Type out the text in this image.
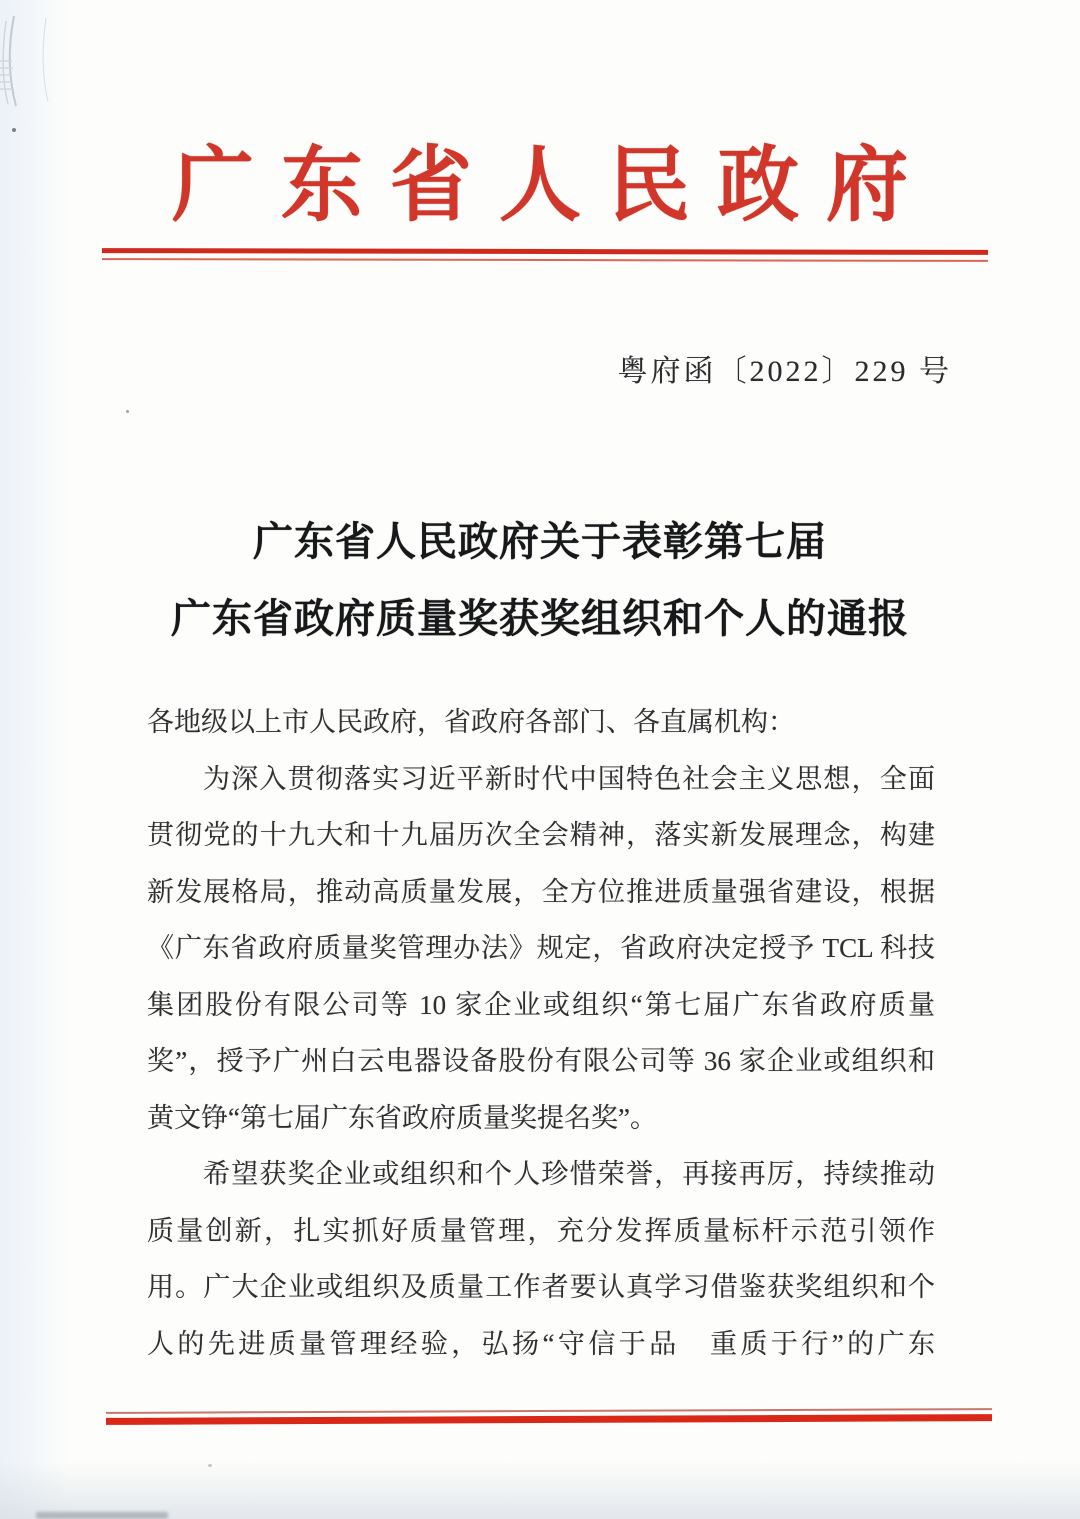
广东省人民政府
粤府函〔2022〕229 号
广东省人民政府关于表彰第七届
广东省政府质量奖获奖组织和个人的通报
各地级以上市人民政府，省政府各部门、各直属机构：
为深入贯彻落实习近平新时代中国特色社会主义思想，全面
贯彻党的十九大和十九届历次全会精神，落实新发展理念，构建
新发展格局，推动高质量发展，全方位推进质量强省建设，根据
《广东省政府质量奖管理办法》规定，省政府决定授予 TCL 科技
集团股份有限公司等 10 家企业或组织“第七届广东省政府质量
奖”，授予广州白云电器设备股份有限公司等 36 家企业或组织和
黄文铮“第七届广东省政府质量奖提名奖”。
希望获奖企业或组织和个人珍惜荣誉，再接再厉，持续推动
质量创新，扎实抓好质量管理，充分发挥质量标杆示范引领作
用。广大企业或组织及质量工作者要认真学习借鉴获奖组织和个
人的先进质量管理经验，弘扬“守信于品　重质于行”的广东
